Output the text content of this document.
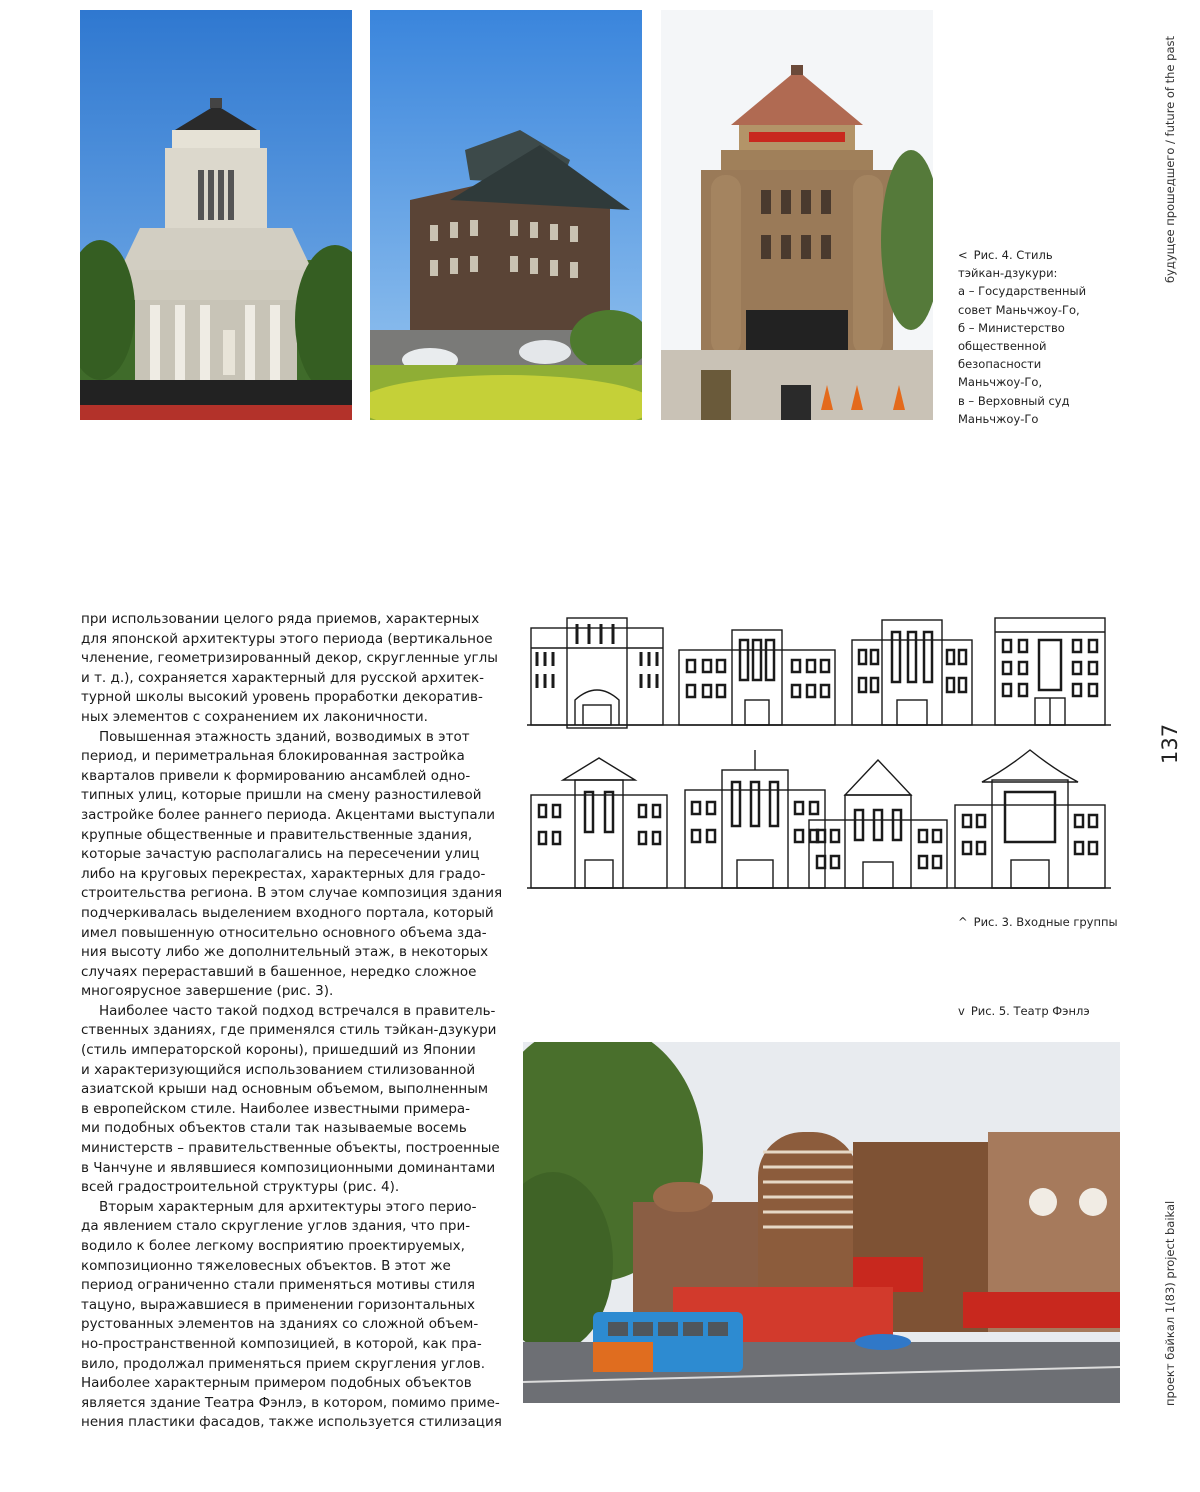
< Рис. 4. Стиль
тэйкан-дзукури:
а – Государственный
совет Маньчжоу-Го,
б – Министерство
общественной
безопасности
Маньчжоу-Го,
в – Верховный суд
Маньчжоу-Го
при использовании целого ряда приемов, характерных
для японской архитектуры этого периода (вертикальное
членение, геометризированный декор, скругленные углы
и т. д.), сохраняется характерный для русской архитек-
турной школы высокий уровень проработки декоратив-
ных элементов с сохранением их лаконичности.
Повышенная этажность зданий, возводимых в этот
период, и периметральная блокированная застройка
кварталов привели к формированию ансамблей одно-
типных улиц, которые пришли на смену разностилевой
застройке более раннего периода. Акцентами выступали
крупные общественные и правительственные здания,
которые зачастую располагались на пересечении улиц
либо на круговых перекрестах, характерных для градо-
строительства региона. В этом случае композиция здания
подчеркивалась выделением входного портала, который
имел повышенную относительно основного объема зда-
ния высоту либо же дополнительный этаж, в некоторых
случаях перераставший в башенное, нередко сложное
многоярусное завершение (рис. 3).
Наиболее часто такой подход встречался в правитель-
ственных зданиях, где применялся стиль тэйкан-дзукури
(стиль императорской короны), пришедший из Японии
и характеризующийся использованием стилизованной
азиатской крыши над основным объемом, выполненным
в европейском стиле. Наиболее известными примера-
ми подобных объектов стали так называемые восемь
министерств – правительственные объекты, построенные
в Чанчуне и являвшиеся композиционными доминантами
всей градостроительной структуры (рис. 4).
Вторым характерным для архитектуры этого перио-
да явлением стало скругление углов здания, что при-
водило к более легкому восприятию проектируемых,
композиционно тяжеловесных объектов. В этот же
период ограниченно стали применяться мотивы стиля
тацуно, выражавшиеся в применении горизонтальных
рустованных элементов на зданиях со сложной объем-
но-пространственной композицией, в которой, как пра-
вило, продолжал применяться прием скругления углов.
Наиболее характерным примером подобных объектов
является здание Театра Фэнлэ, в котором, помимо приме-
нения пластики фасадов, также используется стилизация
^ Рис. 3. Входные группы
v Рис. 5. Театр Фэнлэ
будущее прошедшего / future of the past
137
проект байкал 1(83) project baikal
